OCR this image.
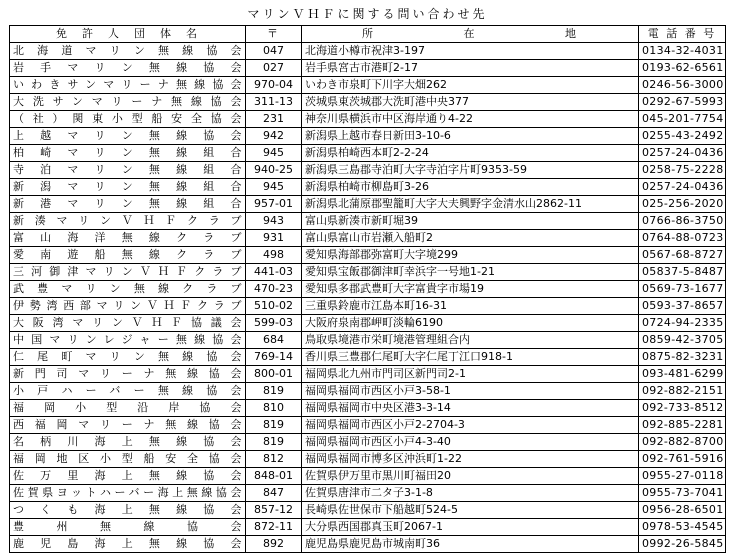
マリンＶＨＦに関する問い合わせ先
免　許　人　団　体　名	〒	所 在 地	電 話 番 号
北海道マリン無線協会	047	北海道小樽市祝津3-197	0134-32-4031
岩手マリン無線協会	027	岩手県宮古市港町2-17	0193-62-6561
いわきサンマリーナ無線協会	970-04	いわき市泉町下川字大畑262	0246-56-3000
大洗サンマリーナ無線協会	311-13	茨城県東茨城郡大洗町港中央377	0292-67-5993
（社）関東小型船安全協会	231	神奈川県横浜市中区海岸通り4-22	045-201-7754
上越マリン無線協会	942	新潟県上越市春日新田3-10-6	0255-43-2492
柏崎マリン無線組合	945	新潟県柏崎西本町2-2-24	0257-24-0436
寺泊マリン無線組合	940-25	新潟県三島郡寺泊町大字寺泊字片町9353-59	0258-75-2228
新潟マリン無線組合	945	新潟県柏崎市柳島町3-26	0257-24-0436
新港マリン無線組合	957-01	新潟県北蒲原郡聖籠町大字大夫興野字金清水山2862-11	025-256-2020
新湊マリンＶＨＦクラブ	943	富山県新湊市新町堀39	0766-86-3750
富山海洋無線クラブ	931	富山県富山市岩瀬入船町2	0764-88-0723
愛南遊船無線クラブ	498	愛知県海部郡弥富町大字境299	0567-68-8727
三河御津マリンＶＨＦクラブ	441-03	愛知県宝飯郡御津町幸浜字一号地1-21	05837-5-8487
武豊マリン無線クラブ	470-23	愛知県多郡武豊町大字富貴字市場19	0569-73-1677
伊勢湾西部マリンＶＨＦクラブ	510-02	三重県鈴鹿市江島本町16-31	0593-37-8657
大阪湾マリンＶＨＦ協議会	599-03	大阪府泉南郡岬町淡輪6190	0724-94-2335
中国マリンレジャー無線協会	684	鳥取県境港市栄町境港管理組合内	0859-42-3705
仁尾町マリン無線協会	769-14	香川県三豊郡仁尾町大字仁尾丁江口918-1	0875-82-3231
新門司マリーナ無線協会	800-01	福岡県北九州市門司区新門司2-1	093-481-6299
小戸ハーバー無線協会	819	福岡県福岡市西区小戸3-58-1	092-882-2151
福岡小型沿岸協会	810	福岡県福岡市中央区港3-3-14	092-733-8512
西福岡マリーナ無線協会	819	福岡県福岡市西区小戸2-2704-3	092-885-2281
名柄川海上無線協会	819	福岡県福岡市西区小戸4-3-40	092-882-8700
福岡地区小型船安全協会	812	福岡県福岡市博多区沖浜町1-22	092-761-5916
佐万里海上無線協会	848-01	佐賀県伊万里市黒川町福田20	0955-27-0118
佐賀県ヨットハーバー海上無線協会	847	佐賀県唐津市二タ子3-1-8	0955-73-7041
つくも海上無線協会	857-12	長崎県佐世保市下船越町524-5	0956-28-6501
豊州無線協会	872-11	大分県西国郡真玉町2067-1	0978-53-4545
鹿児島海上無線協会	892	鹿児島県鹿児島市城南町36	0992-26-5845
